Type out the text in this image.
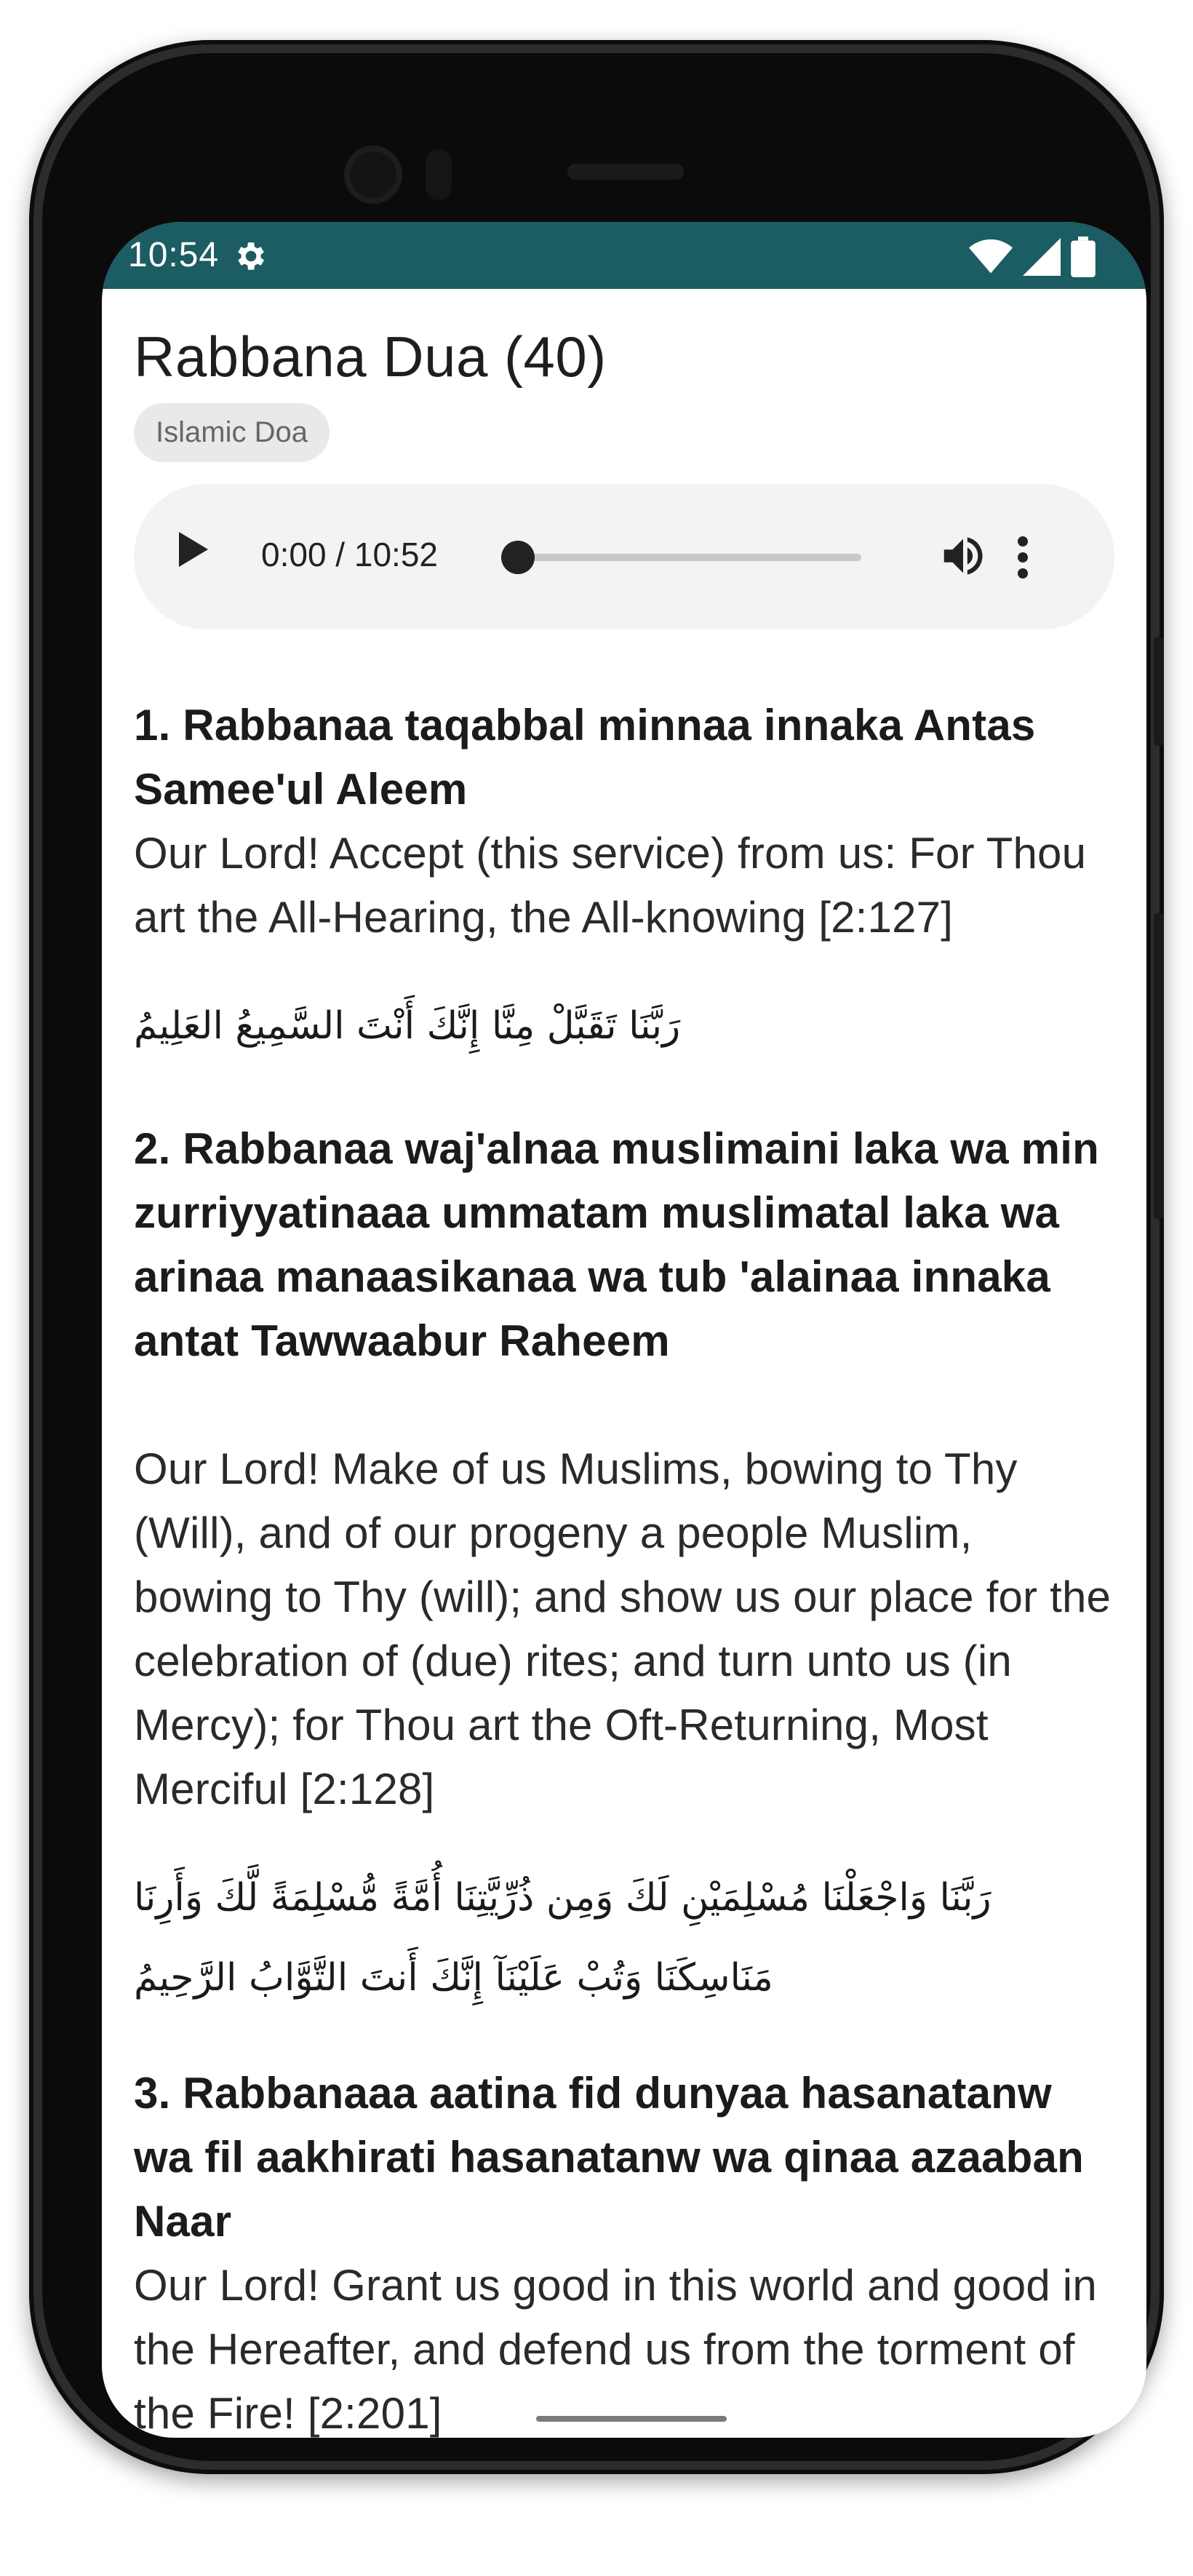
10:54
Rabbana Dua (40)
Islamic Doa
0:00 / 10:52
1. Rabbanaa taqabbal minnaa innaka Antas Samee'ul Aleem
Our Lord! Accept (this service) from us: For Thou art the All-Hearing, the All-knowing [2:127]
رَبَّنَا تَقَبَّلْ مِنَّا إِنَّكَ أَنْتَ السَّمِيعُ العَلِيمُ
2. Rabbanaa waj'alnaa muslimaini laka wa min zurriyyatinaaa ummatam muslimatal laka wa arinaa manaasikanaa wa tub 'alainaa innaka antat Tawwaabur Raheem
Our Lord! Make of us Muslims, bowing to Thy (Will), and of our progeny a people Muslim, bowing to Thy (will); and show us our place for the celebration of (due) rites; and turn unto us (in Mercy); for Thou art the Oft-Returning, Most Merciful [2:128]
رَبَّنَا وَاجْعَلْنَا مُسْلِمَيْنِ لَكَ وَمِن ذُرِّيَّتِنَا أُمَّةً مُّسْلِمَةً لَّكَ وَأَرِنَا مَنَاسِكَنَا وَتُبْ عَلَيْنَآ إِنَّكَ أَنتَ التَّوَّابُ الرَّحِيمُ
3. Rabbanaaa aatina fid dunyaa hasanatanw wa fil aakhirati hasanatanw wa qinaa azaaban Naar
Our Lord! Grant us good in this world and good in the Hereafter, and defend us from the torment of the Fire! [2:201]
